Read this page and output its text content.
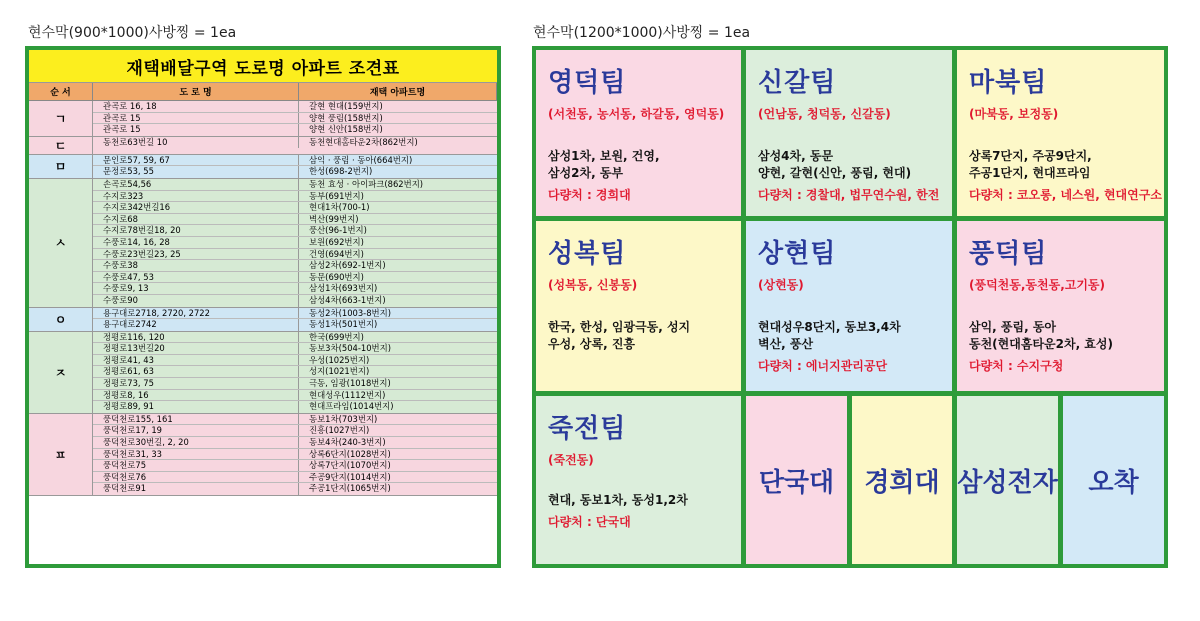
현수막(900*1000)사방찡 = 1ea	현수막(1200*1000)사방찡 = 1ea
재택배달구역 도로명 아파트 조견표
순 서	도 로 명	재택 아파트명
ㄱ
관곡로 16, 18	갈현 현대(159번지)
관곡로 15	양현 풍림(158번지)
관곡로 15	양현 신안(158번지)
ㄷ	동천로63번길 10	동천현대홈타운2차(862번지)
ㅁ
문인로57, 59, 67	삼익 · 풍림 · 동아(664번지)
문정로53, 55	한성(698-2번지)
ㅅ
손곡로54,56	동천 효성 · 아이파크(862번지)
수지로323	동부(691번지)
수지로342번길16	현대1차(700-1)
수지로68	벽산(99번지)
수지로78번길18, 20	풍산(96-1번지)
수풍로14, 16, 28	보원(692번지)
수풍로23번길23, 25	건영(694번지)
수풍로38	삼성2차(692-1번지)
수풍로47, 53	동문(690번지)
수풍로9, 13	삼성1차(693번지)
수풍로90	삼성4차(663-1번지)
ㅇ
용구대로2718, 2720, 2722	동성2차(1003-8번지)
용구대로2742	동성1차(501번지)
ㅈ
정평로116, 120	한국(699번지)
정평로13번길20	동보3차(504-10번지)
정평로41, 43	우성(1025번지)
정평로61, 63	성지(1021번지)
정평로73, 75	극동, 임광(1018번지)
정평로8, 16	현대성우(1112번지)
정평로89, 91	현대프라임(1014번지)
ㅍ
풍덕천로155, 161	동보1차(703번지)
풍덕천로17, 19	진흥(1027번지)
풍덕천로30번길, 2, 20	동보4차(240-3번지)
풍덕천로31, 33	상록6단지(1028번지)
풍덕천로75	상록7단지(1070번지)
풍덕천로76	주공9단지(1014번지)
풍덕천로91	주공1단지(1065번지)
영덕팀
(서천동, 농서동, 하갈동, 영덕동)
삼성1차, 보원, 건영,
삼성2차, 동부
다량처 : 경희대
신갈팀
(언남동, 청덕동, 신갈동)
삼성4차, 동문
양현, 갈현(신안, 풍림, 현대)
다량처 : 경찰대, 법무연수원, 한전
마북팀
(마북동, 보정동)
상록7단지, 주공9단지,
주공1단지, 현대프라임
다량처 : 코오롱, 네스원, 현대연구소
성복팀
(성복동, 신봉동)
한국, 한성, 임광극동, 성지
우성, 상록, 진흥
상현팀
(상현동)
현대성우8단지, 동보3,4차
벽산, 풍산
다량처 : 에너지관리공단
풍덕팀
(풍덕천동,동천동,고기동)
삼익, 풍림, 동아
동천(현대홈타운2차, 효성)
다량처 : 수지구청
죽전팀
(죽전동)
현대, 동보1차, 동성1,2차
다량처 : 단국대
단국대	경희대 삼성전자	오착
